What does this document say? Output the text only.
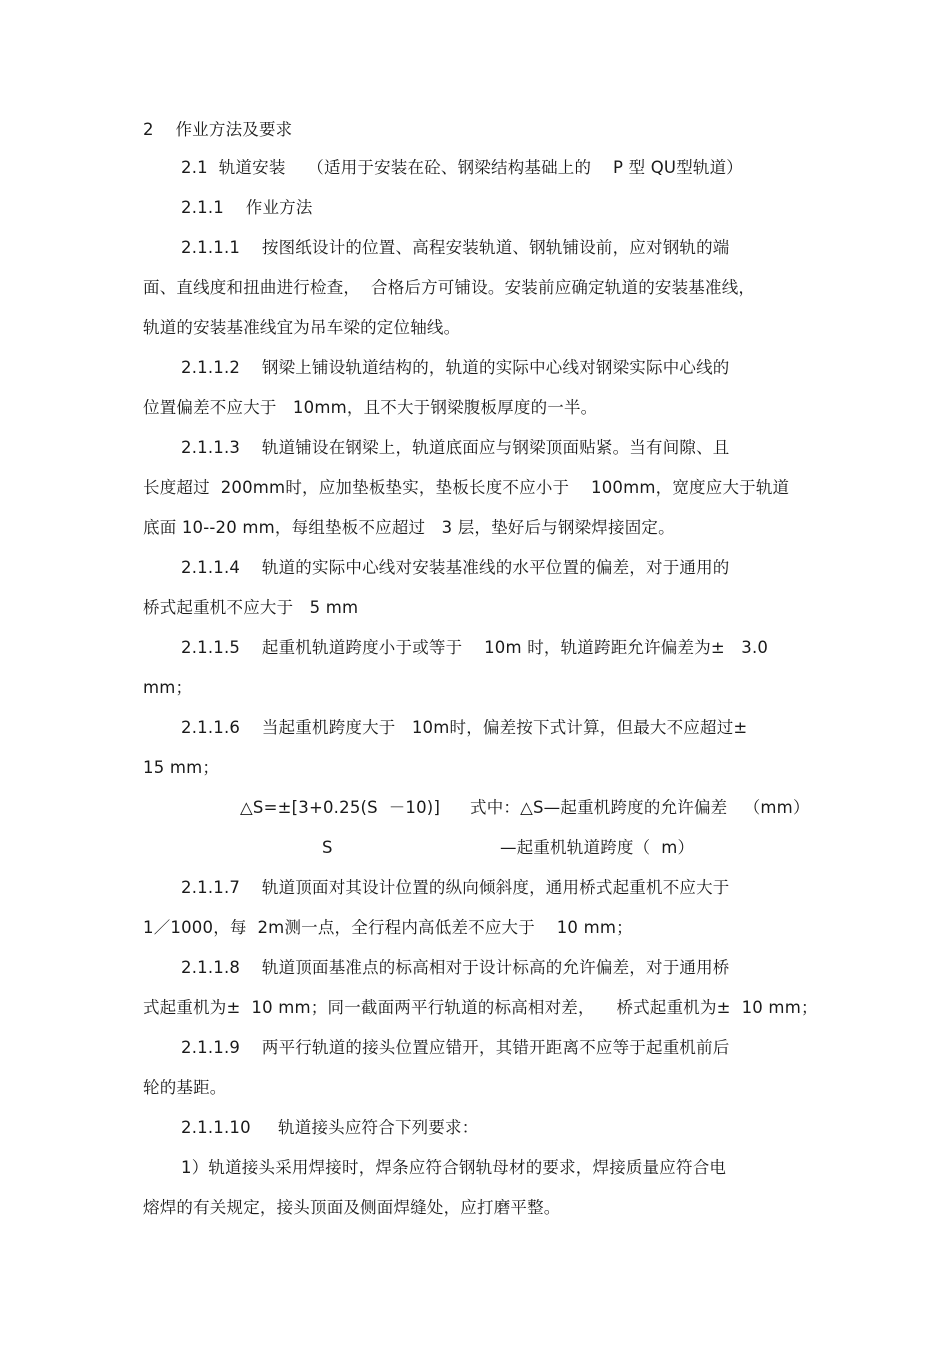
2    作业方法及要求
2.1  轨道安装    （适用于安装在砼、钢梁结构基础上的    P 型 QU型轨道）
2.1.1    作业方法
2.1.1.1    按图纸设计的位置、高程安装轨道、钢轨铺设前，应对钢轨的端
面、直线度和扭曲进行检查，  合格后方可铺设。安装前应确定轨道的安装基准线，
轨道的安装基准线宜为吊车梁的定位轴线。
2.1.1.2    钢梁上铺设轨道结构的，轨道的实际中心线对钢梁实际中心线的
位置偏差不应大于   10mm，且不大于钢梁腹板厚度的一半。
2.1.1.3    轨道铺设在钢梁上，轨道底面应与钢梁顶面贴紧。当有间隙、且
长度超过  200mm时，应加垫板垫实，垫板长度不应小于    100mm，宽度应大于轨道
底面 10--20 mm，每组垫板不应超过   3 层，垫好后与钢梁焊接固定。
2.1.1.4    轨道的实际中心线对安装基准线的水平位置的偏差，对于通用的
桥式起重机不应大于   5 mm
2.1.1.5    起重机轨道跨度小于或等于    10m 时，轨道跨距允许偏差为±   3.0
mm；
2.1.1.6    当起重机跨度大于   10m时，偏差按下式计算，但最大不应超过±
15 mm；
△S=±[3+0.25(S  －10)] 式中：△S—起重机跨度的允许偏差   （mm）
S	—起重机轨道跨度（  m）
2.1.1.7    轨道顶面对其设计位置的纵向倾斜度，通用桥式起重机不应大于
1／1000，每  2m测一点，全行程内高低差不应大于    10 mm；
2.1.1.8    轨道顶面基准点的标高相对于设计标高的允许偏差，对于通用桥
式起重机为±  10 mm；同一截面两平行轨道的标高相对差，    桥式起重机为±  10 mm；
2.1.1.9    两平行轨道的接头位置应错开，其错开距离不应等于起重机前后
轮的基距。
2.1.1.10     轨道接头应符合下列要求：
1）轨道接头采用焊接时，焊条应符合钢轨母材的要求，焊接质量应符合电
熔焊的有关规定，接头顶面及侧面焊缝处，应打磨平整。
